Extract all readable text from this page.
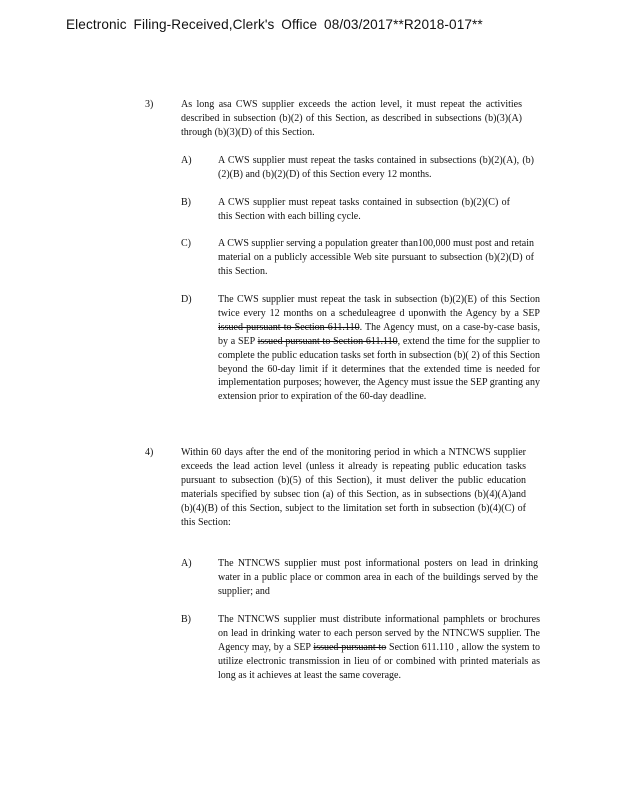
Electronic Filing-Received,Clerk's Office 08/03/2017**R2018-017**
3)	As long asa CWS supplier exceeds the action level, it must repeat the activities described in subsection (b)(2) of this Section, as described in subsections (b)(3)(A) through (b)(3)(D) of this Section.
A)	A CWS supplier must repeat the tasks contained in subsections (b)(2)(A), (b)(2)(B) and (b)(2)(D) of this Section every 12 months.
B)	A CWS supplier must repeat tasks contained in subsection (b)(2)(C) of this Section with each billing cycle.
C)	A CWS supplier serving a population greater than100,000 must post and retain material on a publicly accessible Web site pursuant to subsection (b)(2)(D) of this Section.
D)	The CWS supplier must repeat the task in subsection (b)(2)(E) of this Section twice every 12 months on a scheduleagree d uponwith the Agency by a SEP issued pursuant to Section 611.110. The Agency must, on a case-by-case basis, by a SEP issued pursuant to Section 611.110, extend the time for the supplier to complete the public education tasks set forth in subsection (b)( 2) of this Section beyond the 60-day limit if it determines that the extended time is needed for implementation purposes; however, the Agency must issue the SEP granting any extension prior to expiration of the 60-day deadline.
4)	Within 60 days after the end of the monitoring period in which a NTNCWS supplier exceeds the lead action level (unless it already is repeating public education tasks pursuant to subsection (b)(5) of this Section), it must deliver the public education materials specified by subsec tion (a) of this Section, as in subsections (b)(4)(A)and (b)(4)(B) of this Section, subject to the limitation set forth in subsection (b)(4)(C) of this Section:
A)	The NTNCWS supplier must post informational posters on lead in drinking water in a public place or common area in each of the buildings served by the supplier; and
B)	The NTNCWS supplier must distribute informational pamphlets or brochures on lead in drinking water to each person served by the NTNCWS supplier. The Agency may, by a SEP issued pursuant to Section 611.110 , allow the system to utilize electronic transmission in lieu of or combined with printed materials as long as it achieves at least the same coverage.
